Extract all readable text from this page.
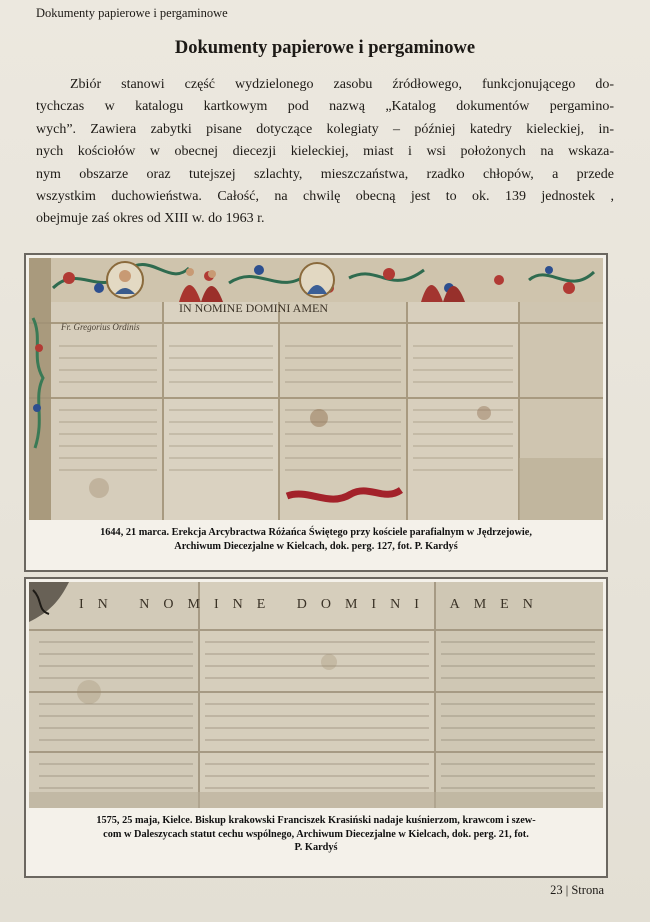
Dokumenty papierowe i pergaminowe
Dokumenty papierowe i pergaminowe
Zbiór stanowi część wydzielonego zasobu źródłowego, funkcjonującego do-
tychczas w katalogu kartkowym pod nazwą „Katalog dokumentów pergamino-
wych”. Zawiera zabytki pisane dotyczące kolegiaty – później katedry kieleckiej, in-
nych kościołów w obecnej diecezji kieleckiej, miast i wsi położonych na wskaza-
nym obszarze oraz tutejszej szlachty, mieszczaństwa, rzadko chłopów, a przede
wszystkim duchowieństwa. Całość, na chwilę obecną jest to ok. 139 jednostek ,
obejmuje zaś okres od XIII w. do 1963 r.
IN NOMINE DOMINI AMEN
Fr. Gregorius Ordinis
1644, 21 marca. Erekcja Arcybractwa Różańca Świętego przy kościele parafialnym w Jędrzejowie,
Archiwum Diecezjalne w Kielcach, dok. perg. 127, fot. P. Kardyś
IN NOMINE DOMINI AMEN
1575, 25 maja, Kielce. Biskup krakowski Franciszek Krasiński nadaje kuśnierzom, krawcom i szew-
com w Daleszycach statut cechu wspólnego, Archiwum Diecezjalne w Kielcach, dok. perg. 21, fot.
P. Kardyś
23 | Strona
